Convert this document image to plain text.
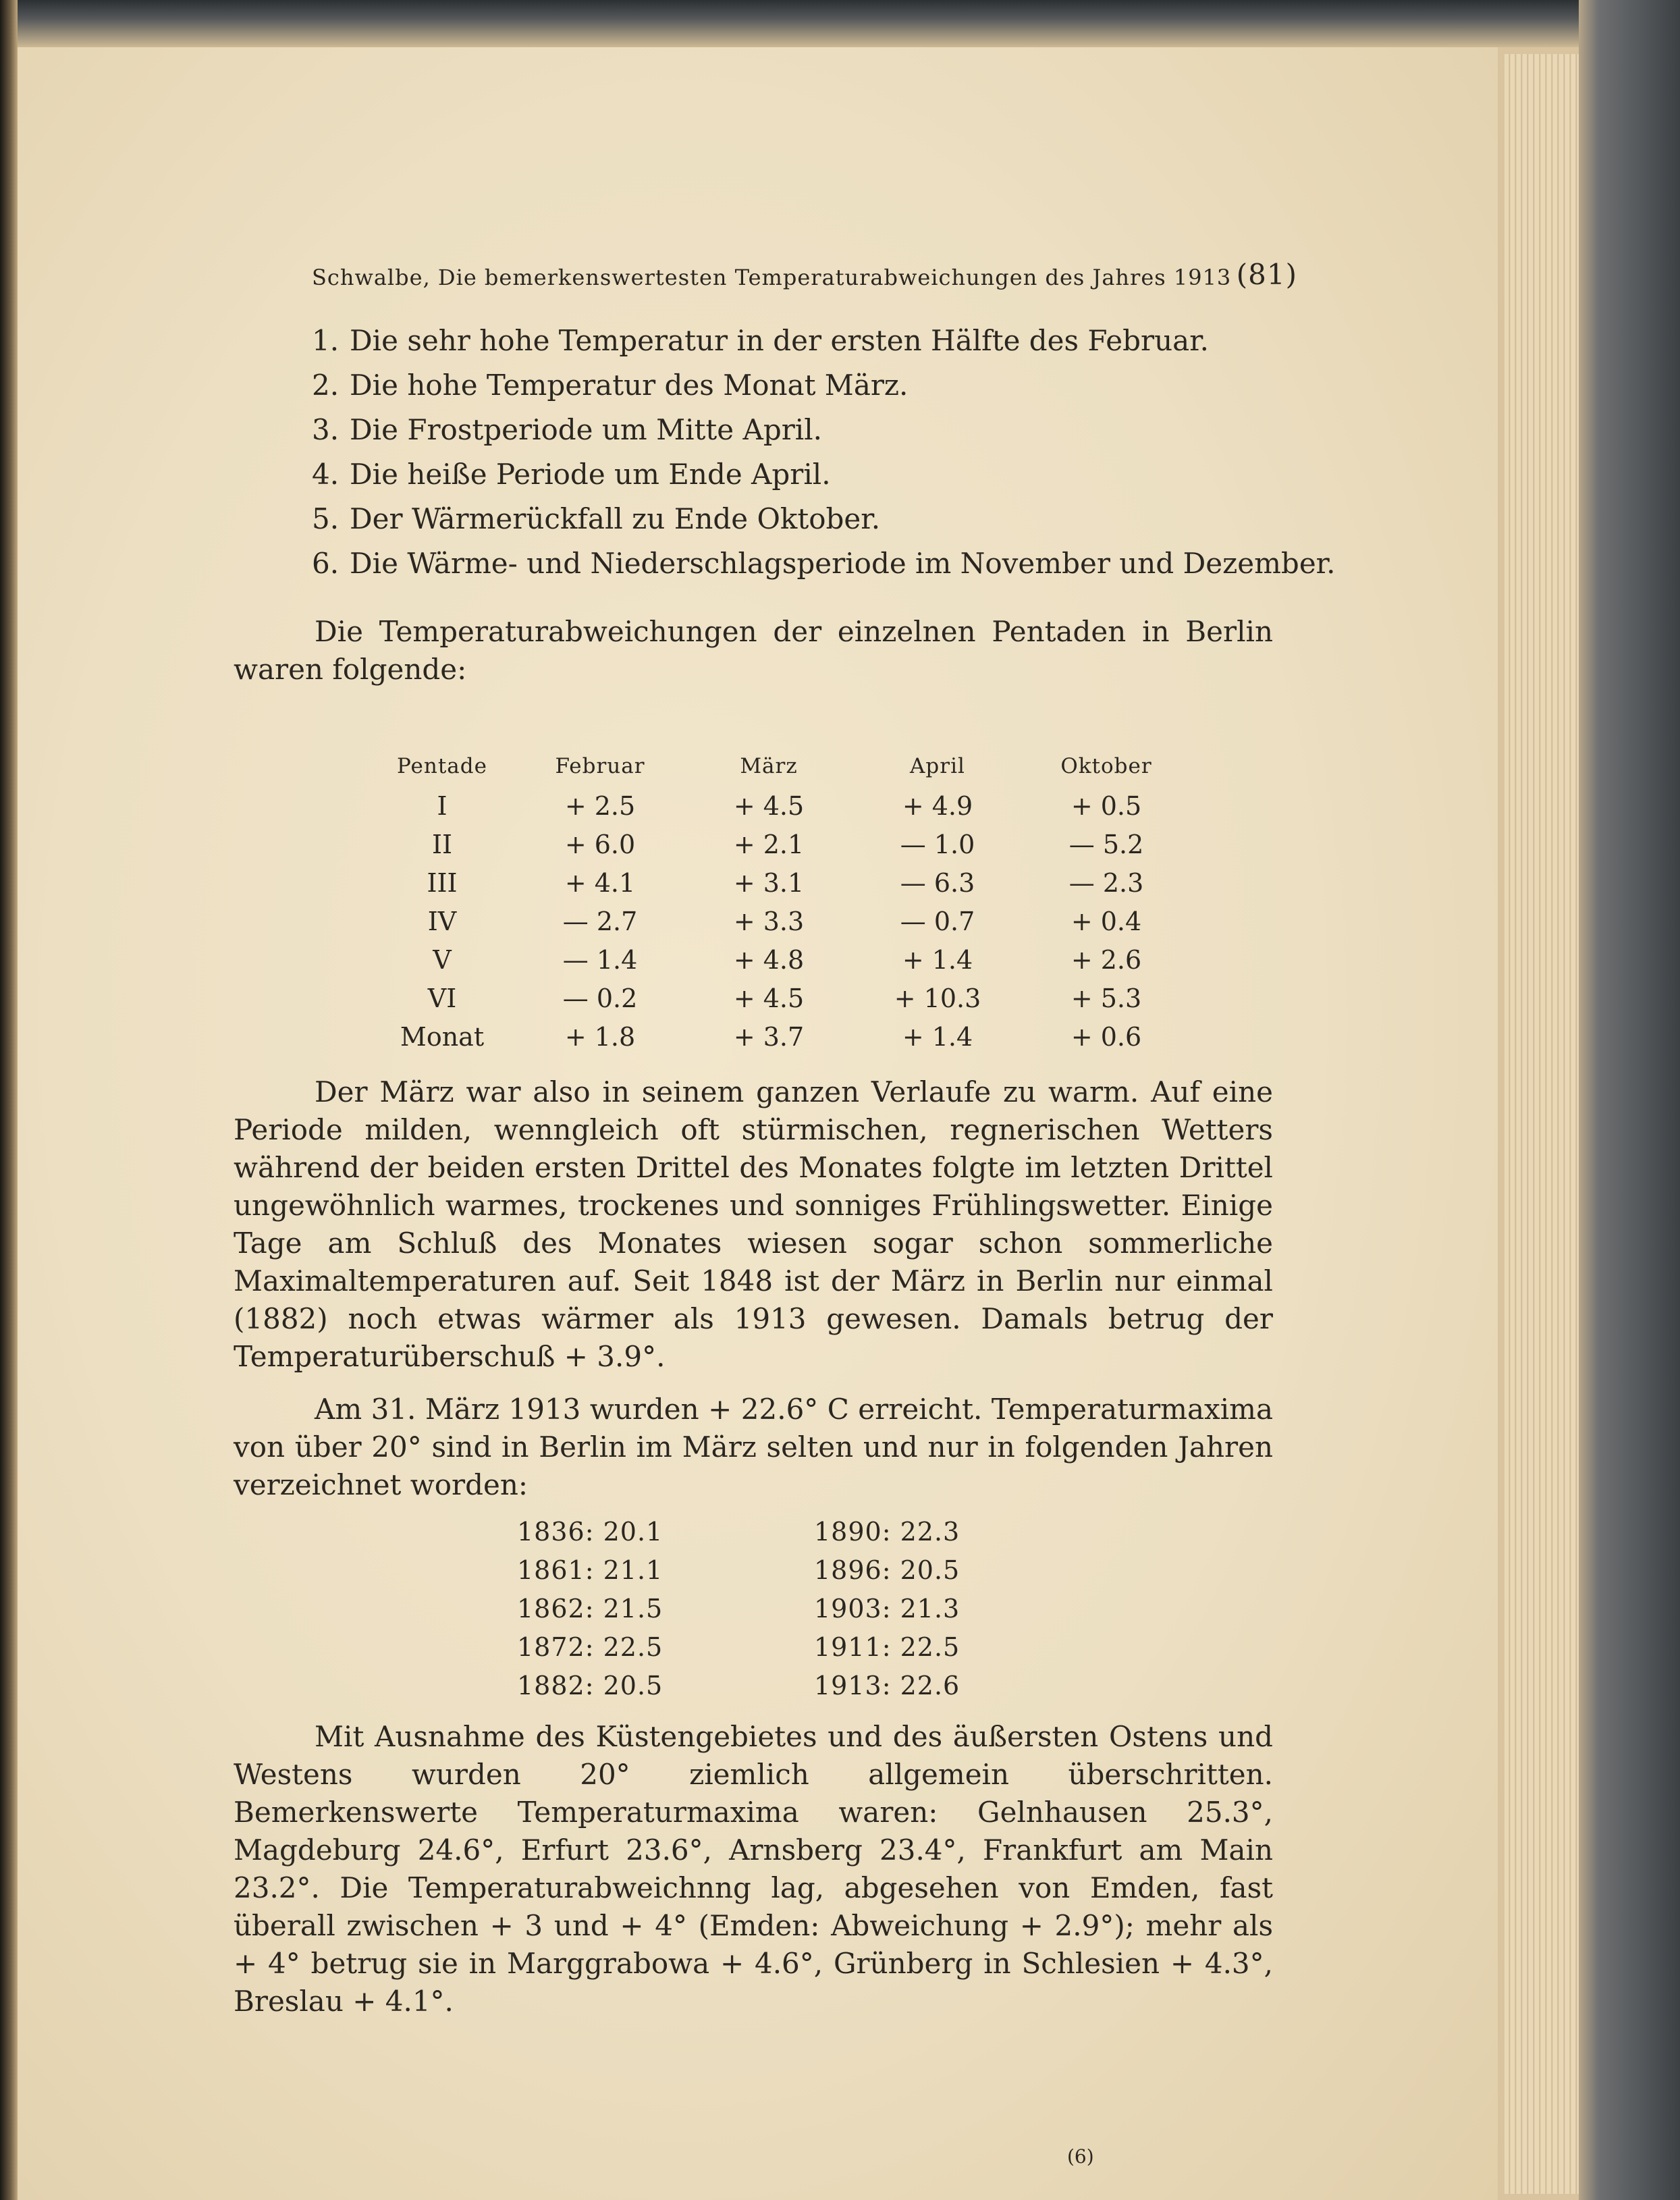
Schwalbe, Die bemerkenswertesten Temperaturabweichungen des Jahres 1913 (81)
1. Die sehr hohe Temperatur in der ersten Hälfte des Februar.
2. Die hohe Temperatur des Monat März.
3. Die Frostperiode um Mitte April.
4. Die heiße Periode um Ende April.
5. Der Wärmerückfall zu Ende Oktober.
6. Die Wärme- und Niederschlagsperiode im November und Dezember.
Die Temperaturabweichungen der einzelnen Pentaden in Berlin waren folgende:
Pentade	Februar	März	April	Oktober
I	+ 2.5	+ 4.5	+ 4.9	+ 0.5
II	+ 6.0	+ 2.1	— 1.0	— 5.2
III	+ 4.1	+ 3.1	— 6.3	— 2.3
IV	— 2.7	+ 3.3	— 0.7	+ 0.4
V	— 1.4	+ 4.8	+ 1.4	+ 2.6
VI	— 0.2	+ 4.5	+ 10.3	+ 5.3
Monat	+ 1.8	+ 3.7	+ 1.4	+ 0.6
Der März war also in seinem ganzen Verlaufe zu warm. Auf eine Periode milden, wenngleich oft stürmischen, regnerischen Wetters während der beiden ersten Drittel des Monates folgte im letzten Drittel ungewöhnlich warmes, trockenes und sonniges Frühlingswetter. Einige Tage am Schluß des Monates wiesen sogar schon sommerliche Maximaltemperaturen auf. Seit 1848 ist der März in Berlin nur einmal (1882) noch etwas wärmer als 1913 gewesen. Damals betrug der Temperaturüberschuß + 3.9°.
Am 31. März 1913 wurden + 22.6° C erreicht. Temperaturmaxima von über 20° sind in Berlin im März selten und nur in folgenden Jahren verzeichnet worden:
1836: 20.1	1890: 22.3
1861: 21.1	1896: 20.5
1862: 21.5	1903: 21.3
1872: 22.5	1911: 22.5
1882: 20.5	1913: 22.6
Mit Ausnahme des Küstengebietes und des äußersten Ostens und Westens wurden 20° ziemlich allgemein überschritten. Bemerkenswerte Temperaturmaxima waren: Gelnhausen 25.3°, Magdeburg 24.6°, Erfurt 23.6°, Arnsberg 23.4°, Frankfurt am Main 23.2°. Die Temperaturabweichnng lag, abgesehen von Emden, fast überall zwischen + 3 und + 4° (Emden: Abweichung + 2.9°); mehr als + 4° betrug sie in Marggrabowa + 4.6°, Grünberg in Schlesien + 4.3°, Breslau + 4.1°.
(6)
